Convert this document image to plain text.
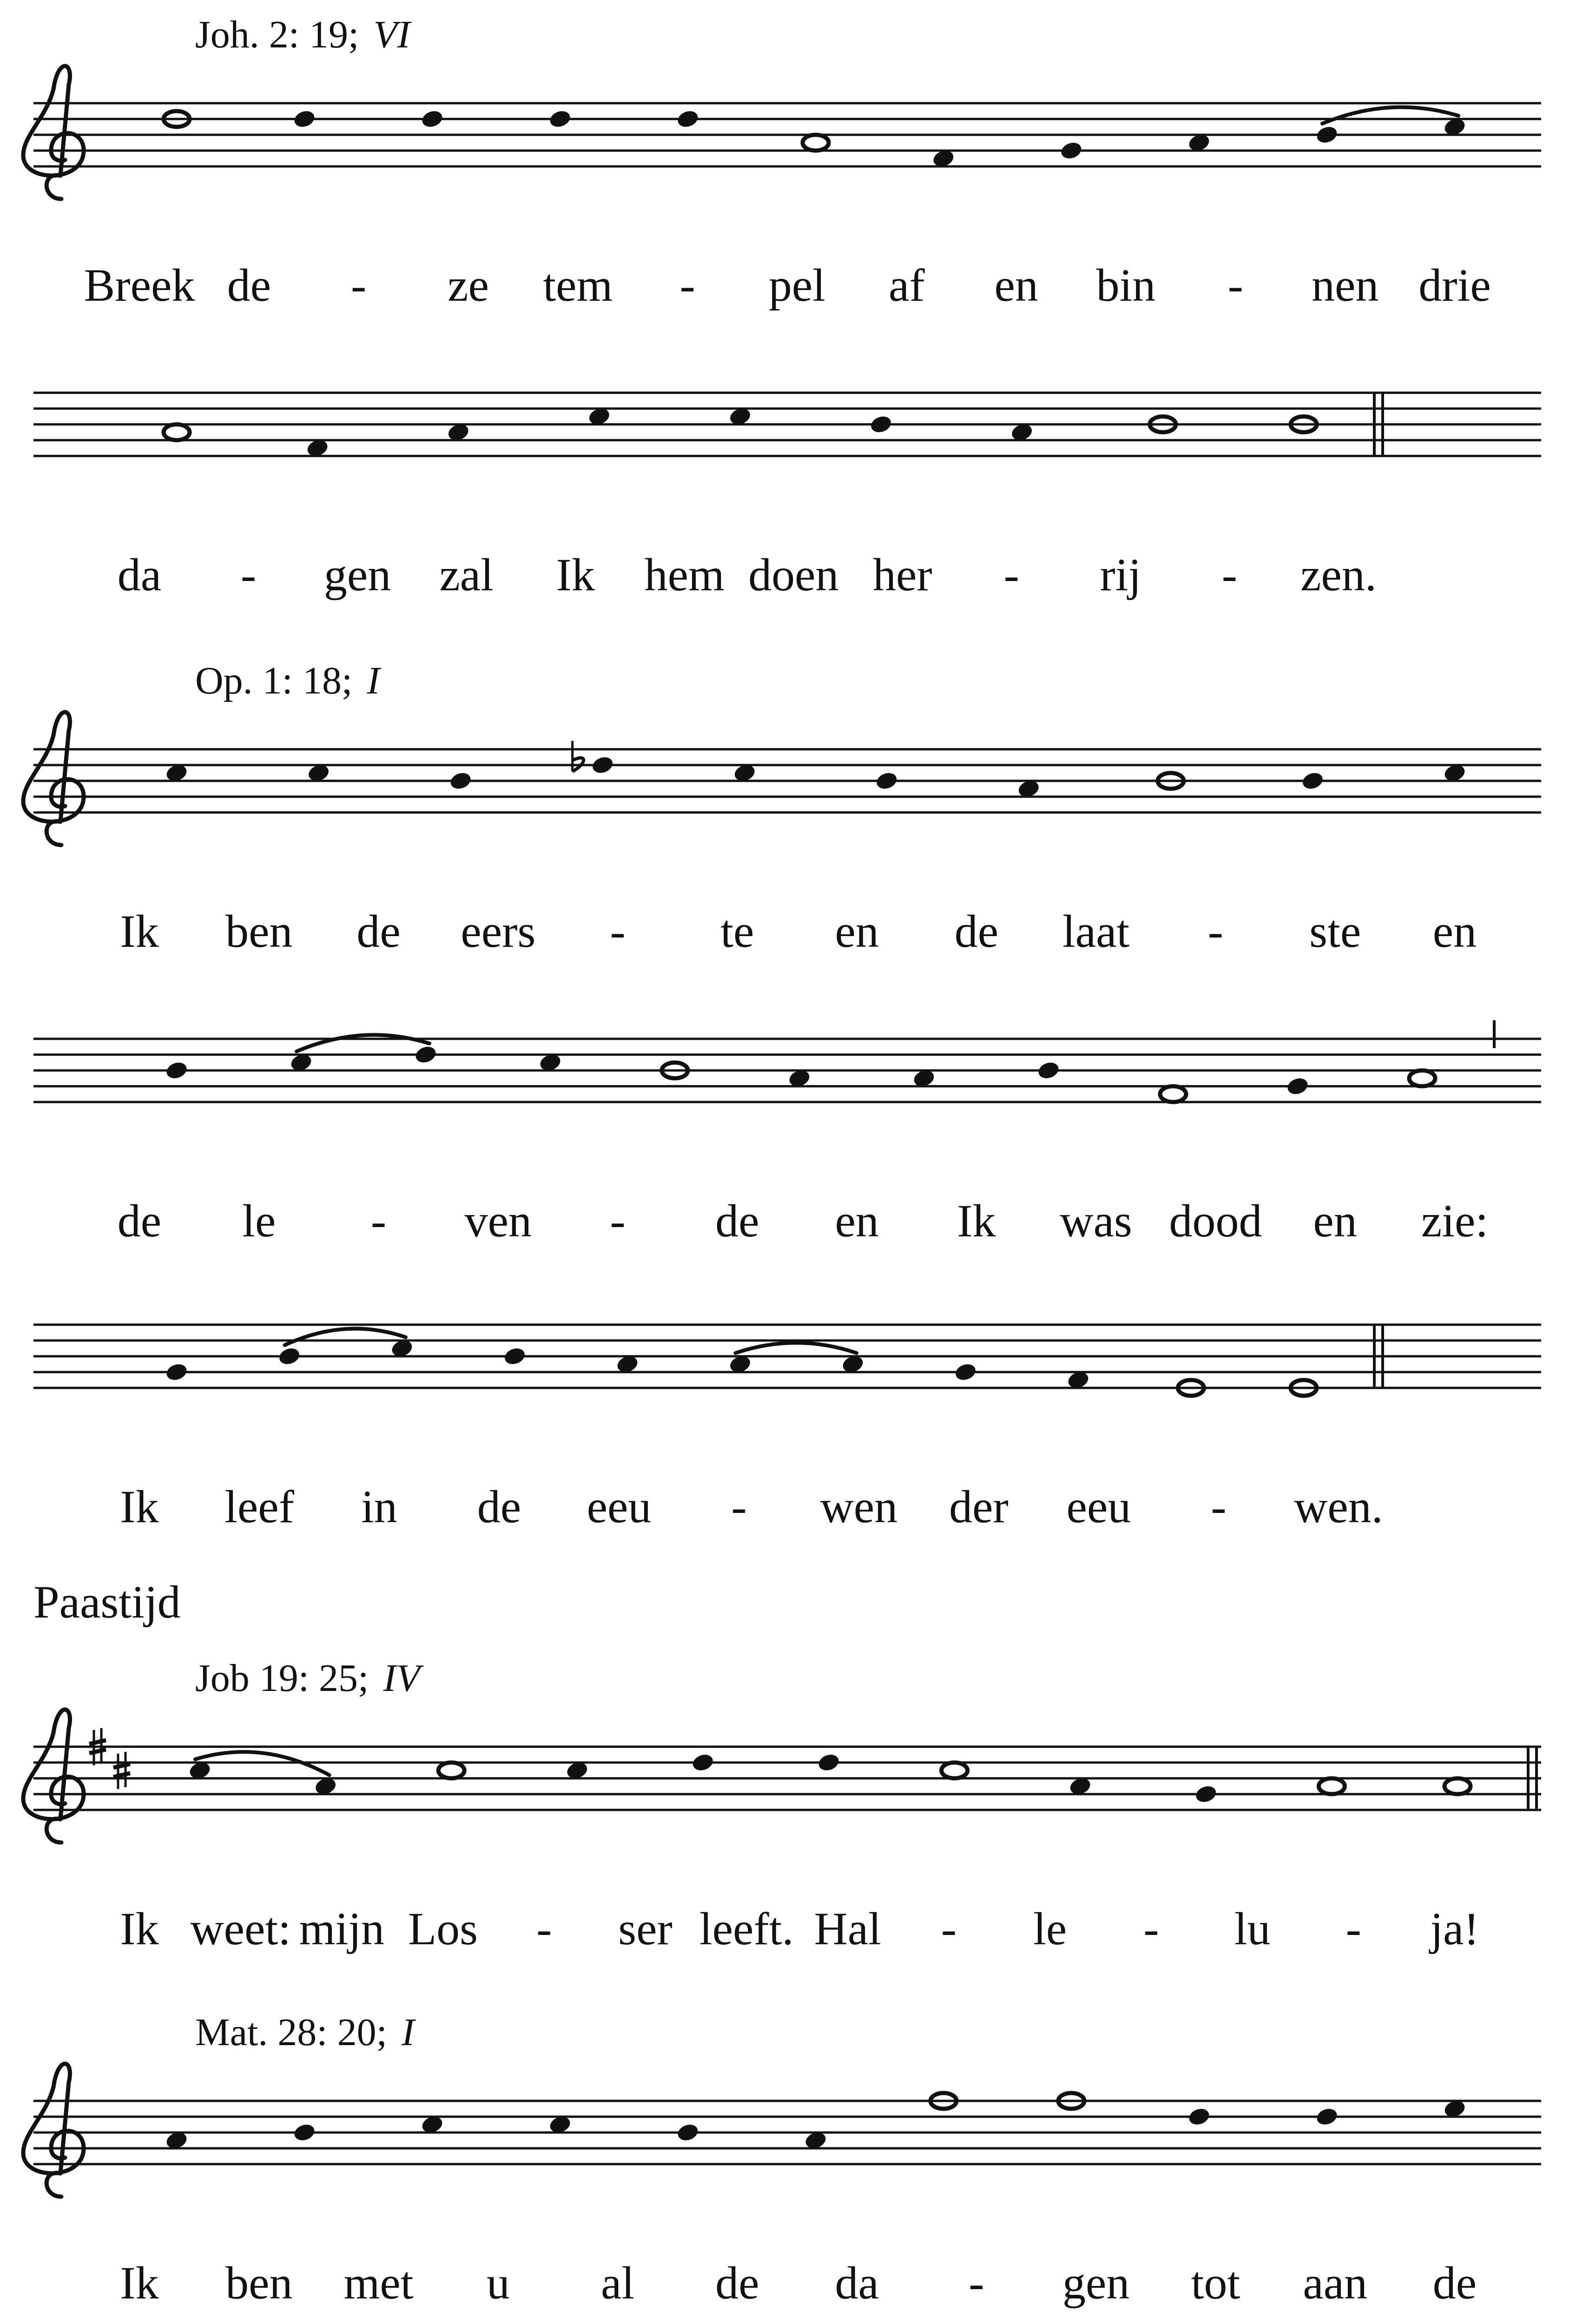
Paastijd
Joh. 2: 19; VI
Breek de - ze tem - pel af en bin - nen drie
da - gen zal Ik hem doen her - rij - zen.
Op. 1: 18; I
Ik ben de eers - te en de laat - ste en
de le - ven - de en Ik was dood en zie:
Ik leef in de eeu - wen der eeu - wen.
Job 19: 25; IV
Ik weet: mijn Los - ser leeft. Hal - le - lu - ja!
Mat. 28: 20; I
Ik ben met u al de da - gen tot aan de
